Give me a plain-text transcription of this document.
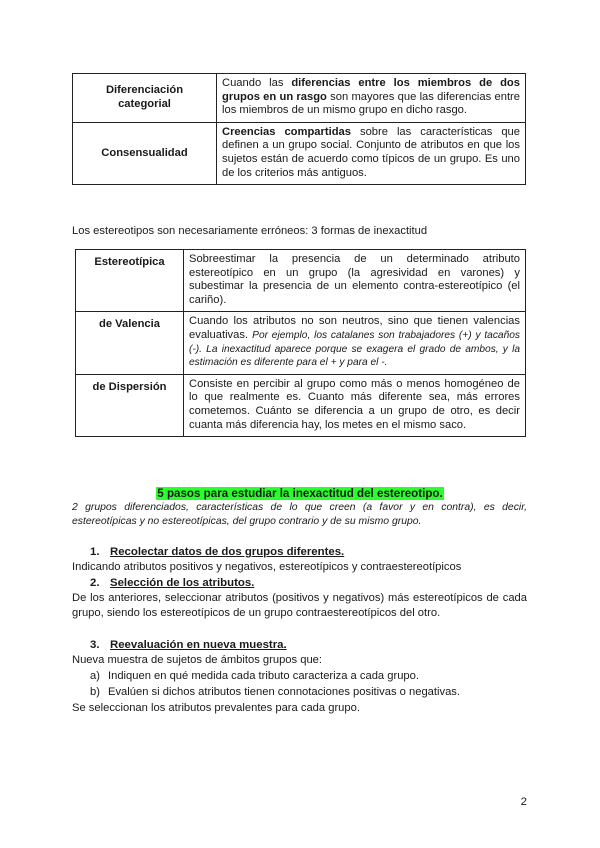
Diferenciación categorial	Cuando las diferencias entre los miembros de dos grupos en un rasgo son mayores que las diferencias entre los miembros de un mismo grupo en dicho rasgo.
Consensualidad	Creencias compartidas sobre las características que definen a un grupo social. Conjunto de atributos en que los sujetos están de acuerdo como típicos de un grupo. Es uno de los criterios más antiguos.
Los estereotipos son necesariamente erróneos: 3 formas de inexactitud
Estereotípica	Sobreestimar la presencia de un determinado atributo estereotípico en un grupo (la agresividad en varones) y subestimar la presencia de un elemento contra-estereotípico (el cariño).
de Valencia	Cuando los atributos no son neutros, sino que tienen valencias evaluativas. Por ejemplo, los catalanes son trabajadores (+) y tacaños (-). La inexactitud aparece porque se exagera el grado de ambos, y la estimación es diferente para el + y para el -.
de Dispersión	Consiste en percibir al grupo como más o menos homogéneo de lo que realmente es. Cuanto más diferente sea, más errores cometemos. Cuánto se diferencia a un grupo de otro, es decir cuanta más diferencia hay, los metes en el mismo saco.
5 pasos para estudiar la inexactitud del estereotipo.
2 grupos diferenciados, características de lo que creen (a favor y en contra), es decir, estereotípicas y no estereotípicas, del grupo contrario y de su mismo grupo.
1. Recolectar datos de dos grupos diferentes.
Indicando atributos positivos y negativos, estereotípicos y contraestereotípicos
2. Selección de los atributos.
De los anteriores, seleccionar atributos (positivos y negativos) más estereotípicos de cada grupo, siendo los estereotípicos de un grupo contraestereotípicos del otro.
3. Reevaluación en nueva muestra.
Nueva muestra de sujetos de ámbitos grupos que:
a) Indiquen en qué medida cada tributo caracteriza a cada grupo.
b) Evalúen si dichos atributos tienen connotaciones positivas o negativas.
Se seleccionan los atributos prevalentes para cada grupo.
2
